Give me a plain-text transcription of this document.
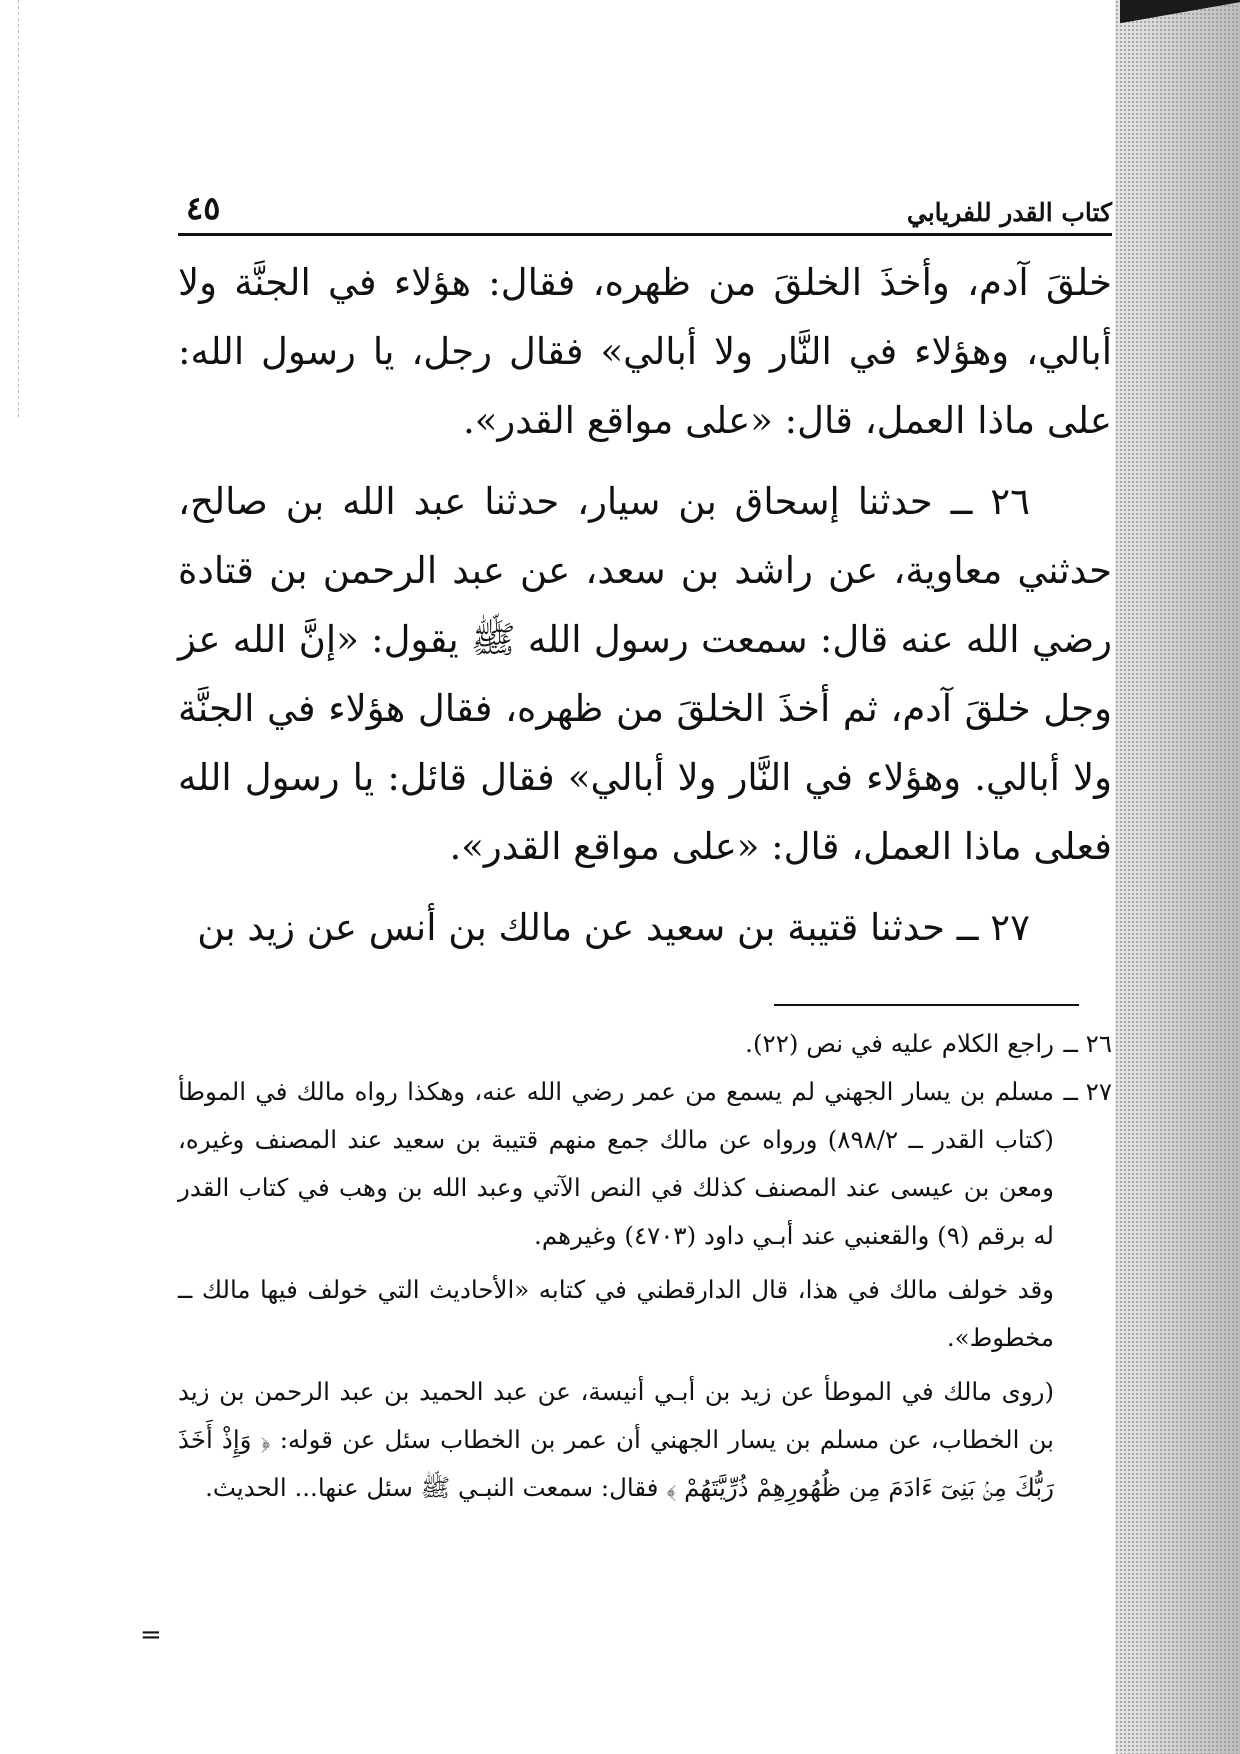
كتاب القدر للفريابي
٤٥

خلقَ آدم، وأخذَ الخلقَ من ظهره، فقال: هؤلاء في الجنَّة ولا أبالي، وهؤلاء في النَّار ولا أبالي» فقال رجل، يا رسول الله: على ماذا العمل، قال: «على مواقع القدر».

٢٦ ــ حدثنا إسحاق بن سيار، حدثنا عبد الله بن صالح، حدثني معاوية، عن راشد بن سعد، عن عبد الرحمن بن قتادة رضي الله عنه قال: سمعت رسول الله ﷺ يقول: «إنَّ الله عز وجل خلقَ آدم، ثم أخذَ الخلقَ من ظهره، فقال هؤلاء في الجنَّة ولا أبالي. وهؤلاء في النَّار ولا أبالي» فقال قائل: يا رسول الله فعلى ماذا العمل، قال: «على مواقع القدر».

٢٧ ــ حدثنا قتيبة بن سعيد عن مالك بن أنس عن زيد بن

٢٦ ــ
راجع الكلام عليه في نص (٢٢).
٢٧ ــ
مسلم بن يسار الجهني لم يسمع من عمر رضي الله عنه، وهكذا رواه مالك في الموطأ (كتاب القدر ــ ٨٩٨/٢) ورواه عن مالك جمع منهم قتيبة بن سعيد عند المصنف وغيره، ومعن بن عيسى عند المصنف كذلك في النص الآتي وعبد الله بن وهب في كتاب القدر له برقم (٩) والقعنبي عند أبـي داود (٤٧٠٣) وغيرهم.
وقد خولف مالك في هذا، قال الدارقطني في كتابه «الأحاديث التي خولف فيها مالك ــ مخطوط».
(روى مالك في الموطأ عن زيد بن أبـي أنيسة، عن عبد الحميد بن عبد الرحمن بن زيد بن الخطاب، عن مسلم بن يسار الجهني أن عمر بن الخطاب سئل عن قوله: ﴿ وَإِذْ أَخَذَ رَبُّكَ مِنۢ بَنِىٓ ءَادَمَ مِن ظُهُورِهِمْ ذُرِّيَّتَهُمْ ﴾ فقال: سمعت النبـي ﷺ سئل عنها... الحديث.
=
